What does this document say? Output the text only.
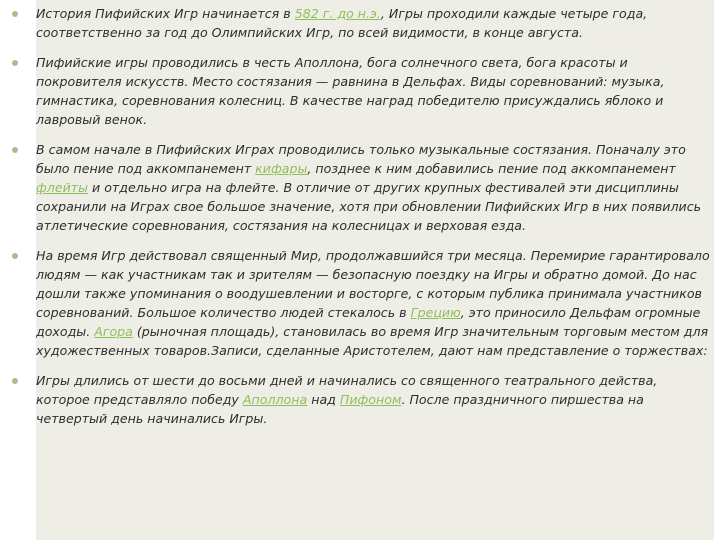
История Пифийских Игр начинается в 582 г. до н.э., Игры проходили каждые четыре года, соответственно за год до Олимпийских Игр, по всей видимости, в конце августа.

Пифийские игры проводились в честь Аполлона, бога солнечного света, бога красоты и покровителя искусств. Место состязания — равнина в Дельфах. Виды соревнований: музыка, гимнастика, соревнования колесниц. В качестве наград победителю присуждались яблоко и лавровый венок.

В самом начале в Пифийских Играх проводились только музыкальные состязания. Поначалу это было пение под аккомпанемент кифары, позднее к ним добавились пение под аккомпанемент флейты и отдельно игра на флейте. В отличие от других крупных фестивалей эти дисциплины сохранили на Играх свое большое значение, хотя при обновлении Пифийских Игр в них появились атлетические соревнования, состязания на колесницах и верховая езда.

На время Игр действовал священный Мир, продолжавшийся три месяца. Перемирие гарантировало людям — как участникам так и зрителям — безопасную поездку на Игры и обратно домой. До нас дошли также упоминания о воодушевлении и восторге, с которым публика принимала участников соревнований. Большое количество людей стекалось в Грецию, это приносило Дельфам огромные доходы. Агора (рыночная площадь), становилась во время Игр значительным торговым местом для художественных товаров.Записи, сделанные Аристотелем, дают нам представление о торжествах:

Игры длились от шести до восьми дней и начинались со священного театрального действа, которое представляло победу Аполлона над Пифоном. После праздничного пиршества на четвертый день начинались Игры.
